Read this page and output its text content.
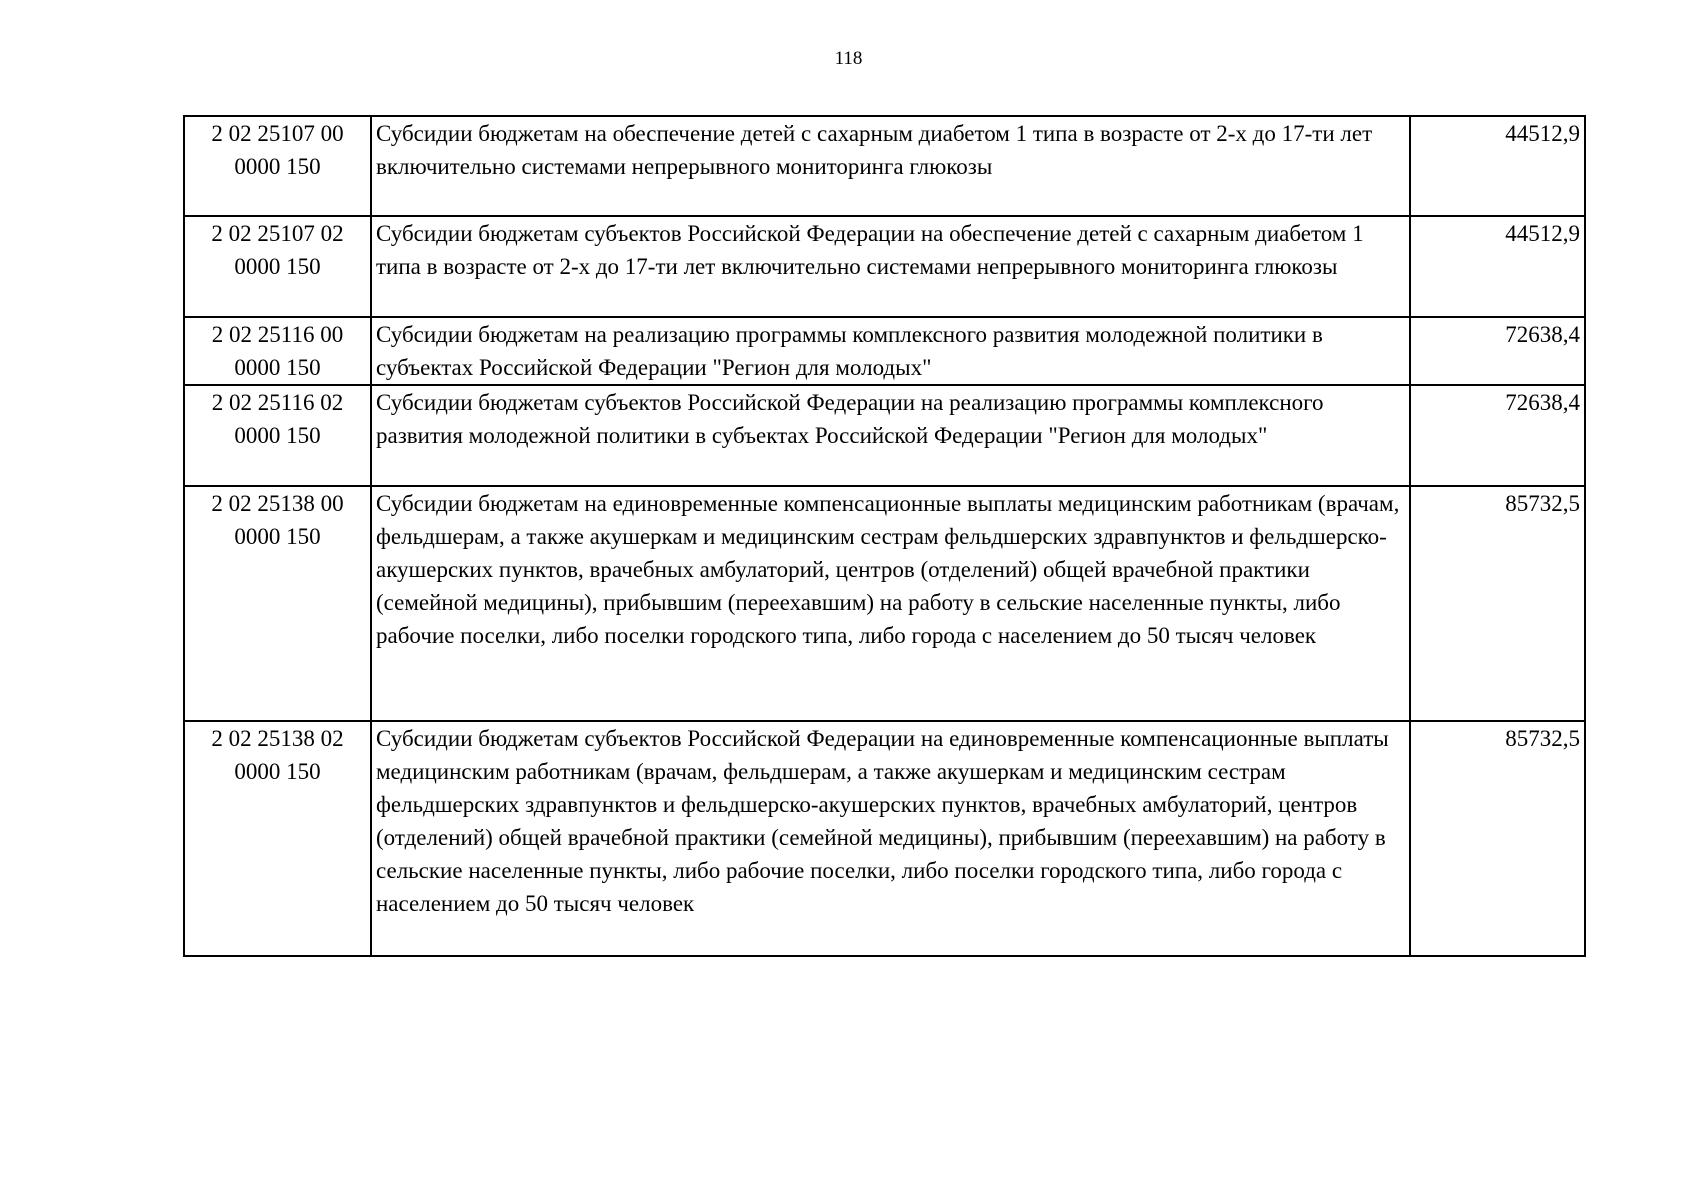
118
2 02 25107 00
0000 150	Субсидии бюджетам на обеспечение детей с сахарным диабетом 1 типа в возрасте от 2-х до 17-ти лет включительно системами непрерывного мониторинга глюкозы	44512,9
2 02 25107 02
0000 150	Субсидии бюджетам субъектов Российской Федерации на обеспечение детей с сахарным диабетом 1 типа в возрасте от 2-х до 17-ти лет включительно системами непрерывного мониторинга глюкозы	44512,9
2 02 25116 00
0000 150	Субсидии бюджетам на реализацию программы комплексного развития молодежной политики в субъектах Российской Федерации "Регион для молодых"	72638,4
2 02 25116 02
0000 150	Субсидии бюджетам субъектов Российской Федерации на реализацию программы комплексного развития молодежной политики в субъектах Российской Федерации "Регион для молодых"	72638,4
2 02 25138 00
0000 150	Субсидии бюджетам на единовременные компенсационные выплаты медицинским работникам (врачам, фельдшерам, а также акушеркам и медицинским сестрам фельдшерских здравпунктов и фельдшерско-акушерских пунктов, врачебных амбулаторий, центров (отделений) общей врачебной практики (семейной медицины), прибывшим (переехавшим) на работу в сельские населенные пункты, либо рабочие поселки, либо поселки городского типа, либо города с населением до 50 тысяч человек	85732,5
2 02 25138 02
0000 150	Субсидии бюджетам субъектов Российской Федерации на единовременные компенсационные выплаты медицинским работникам (врачам, фельдшерам, а также акушеркам и медицинским сестрам фельдшерских здравпунктов и фельдшерско-акушерских пунктов, врачебных амбулаторий, центров (отделений) общей врачебной практики (семейной медицины), прибывшим (переехавшим) на работу в сельские населенные пункты, либо рабочие поселки, либо поселки городского типа, либо города с населением до 50 тысяч человек	85732,5
